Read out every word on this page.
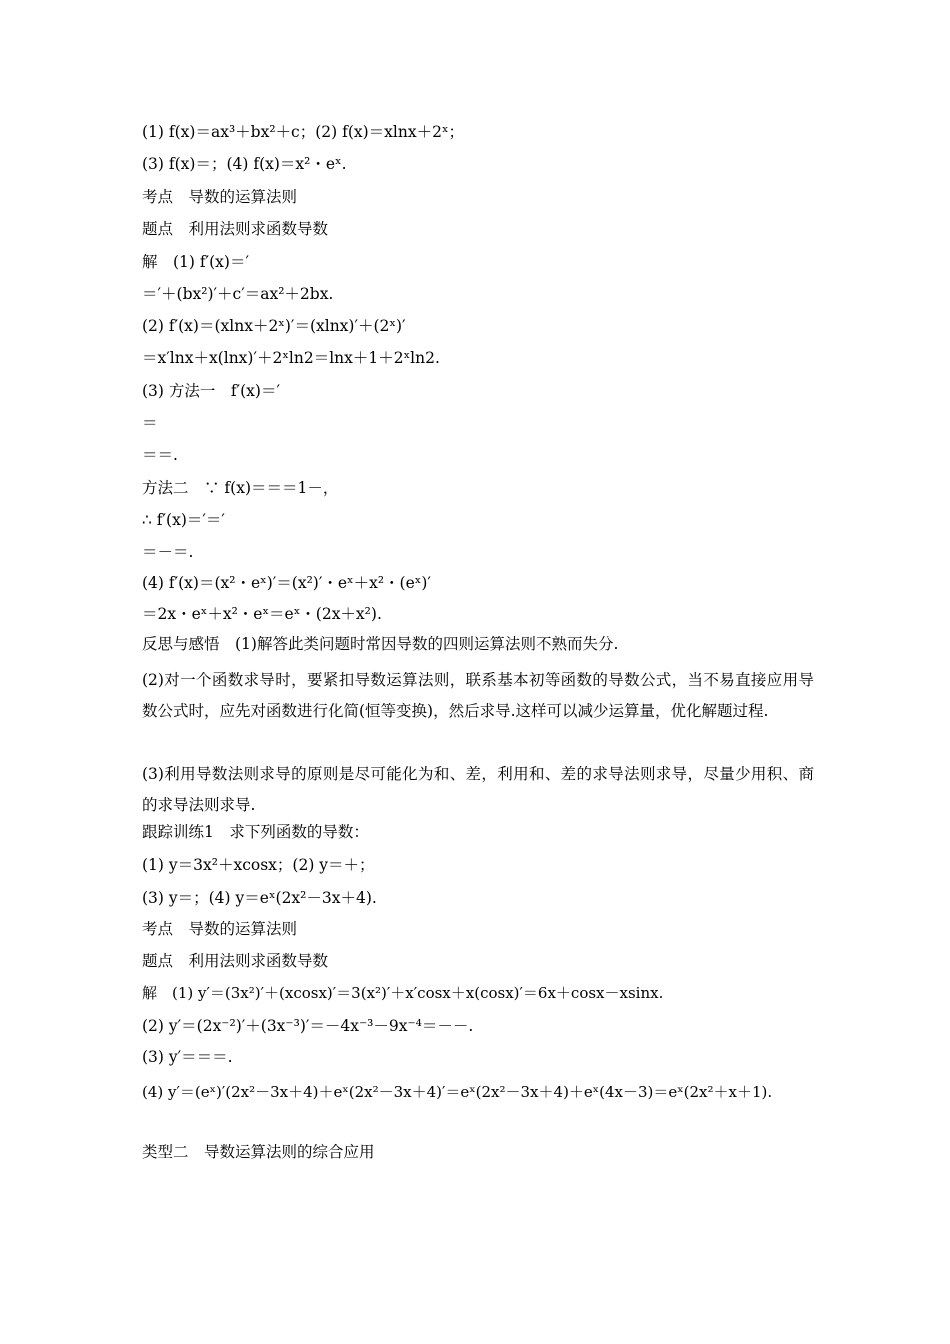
(1) f(x)＝ax³＋bx²＋c；(2) f(x)＝xlnx＋2ˣ；
(3) f(x)＝；(4) f(x)＝x²・eˣ.
考点　导数的运算法则
题点　利用法则求函数导数
解　(1) f′(x)＝′
＝′＋(bx²)′＋c′＝ax²＋2bx.
(2) f′(x)＝(xlnx＋2ˣ)′＝(xlnx)′＋(2ˣ)′
＝x′lnx＋x(lnx)′＋2ˣln2＝lnx＋1＋2ˣln2.
(3) 方法一　f′(x)＝′
＝
＝＝.
方法二　∵ f(x)＝＝＝1－，
∴ f′(x)＝′＝′
＝－＝.
(4) f′(x)＝(x²・eˣ)′＝(x²)′・eˣ＋x²・(eˣ)′
＝2x・eˣ＋x²・eˣ＝eˣ・(2x＋x²).
反思与感悟　(1)解答此类问题时常因导数的四则运算法则不熟而失分.
(2)对一个函数求导时，要紧扣导数运算法则，联系基本初等函数的导数公式，当不易直接应用导数公式时，应先对函数进行化简(恒等变换)，然后求导.这样可以减少运算量，优化解题过程.
(3)利用导数法则求导的原则是尽可能化为和、差，利用和、差的求导法则求导，尽量少用积、商的求导法则求导.
跟踪训练1　求下列函数的导数：
(1) y＝3x²＋xcosx；(2) y＝＋；
(3) y＝；(4) y＝eˣ(2x²－3x＋4).
考点　导数的运算法则
题点　利用法则求函数导数
解　(1) y′＝(3x²)′＋(xcosx)′＝3(x²)′＋x′cosx＋x(cosx)′＝6x＋cosx－xsinx.
(2) y′＝(2x⁻²)′＋(3x⁻³)′＝－4x⁻³－9x⁻⁴＝－－.
(3) y′＝＝＝.
(4) y′＝(eˣ)′(2x²－3x＋4)＋eˣ(2x²－3x＋4)′＝eˣ(2x²－3x＋4)＋eˣ(4x－3)＝eˣ(2x²＋x＋1).
类型二　导数运算法则的综合应用
